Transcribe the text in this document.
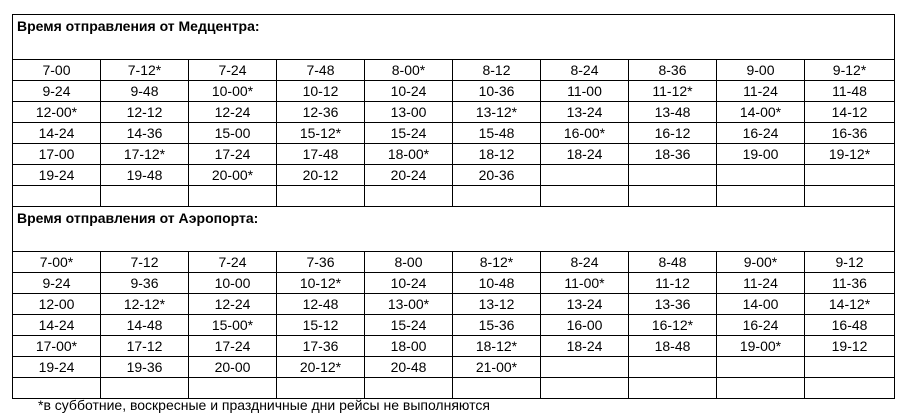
Время отправления от Медцентра:									
7-00	7-12*	7-24	7-48	8-00*	8-12	8-24	8-36	9-00	9-12*
9-24	9-48	10-00*	10-12	10-24	10-36	11-00	11-12*	11-24	11-48
12-00*	12-12	12-24	12-36	13-00	13-12*	13-24	13-48	14-00*	14-12
14-24	14-36	15-00	15-12*	15-24	15-48	16-00*	16-12	16-24	16-36
17-00	17-12*	17-24	17-48	18-00*	18-12	18-24	18-36	19-00	19-12*
19-24	19-48	20-00*	20-12	20-24	20-36				

Время отправления от Аэропорта:									
7-00*	7-12	7-24	7-36	8-00	8-12*	8-24	8-48	9-00*	9-12
9-24	9-36	10-00	10-12*	10-24	10-48	11-00*	11-12	11-24	11-36
12-00	12-12*	12-24	12-48	13-00*	13-12	13-24	13-36	14-00	14-12*
14-24	14-48	15-00*	15-12	15-24	15-36	16-00	16-12*	16-24	16-48
17-00*	17-12	17-24	17-36	18-00	18-12*	18-24	18-48	19-00*	19-12
19-24	19-36	20-00	20-12*	20-48	21-00*				

*в субботние, воскресные и праздничные дни рейсы не выполняются
